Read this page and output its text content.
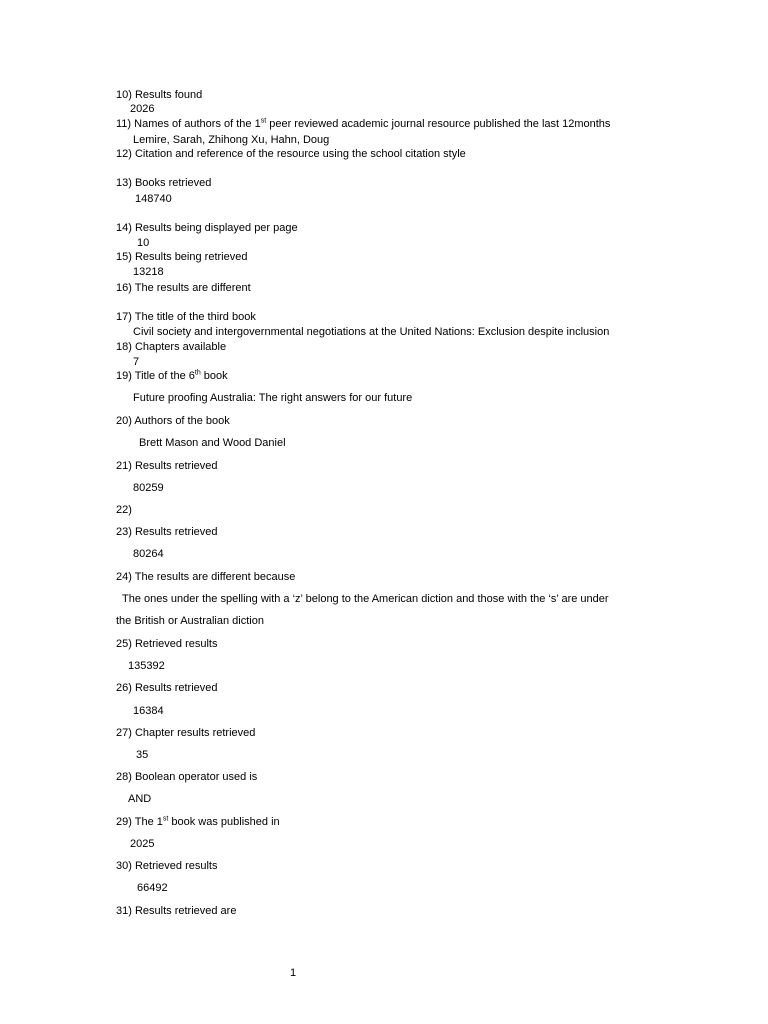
10) Results found
2026
11) Names of authors of the 1st peer reviewed academic journal resource published the last 12months
Lemire, Sarah, Zhihong Xu, Hahn, Doug
12) Citation and reference of the resource using the school citation style
13) Books retrieved
148740
14) Results being displayed per page
10
15) Results being retrieved
13218
16) The results are different
17) The title of the third book
Civil society and intergovernmental negotiations at the United Nations: Exclusion despite inclusion
18) Chapters available
7
19) Title of the 6th book
Future proofing Australia: The right answers for our future
20) Authors of the book
Brett Mason and Wood Daniel
21) Results retrieved
80259
22)
23) Results retrieved
80264
24) The results are different because
The ones under the spelling with a ‘z’ belong to the American diction and those with the ‘s’ are under
the British or Australian diction
25) Retrieved results
135392
26) Results retrieved
16384
27) Chapter results retrieved
35
28) Boolean operator used is
AND
29) The 1st book was published in
2025
30) Retrieved results
66492
31) Results retrieved are
1
